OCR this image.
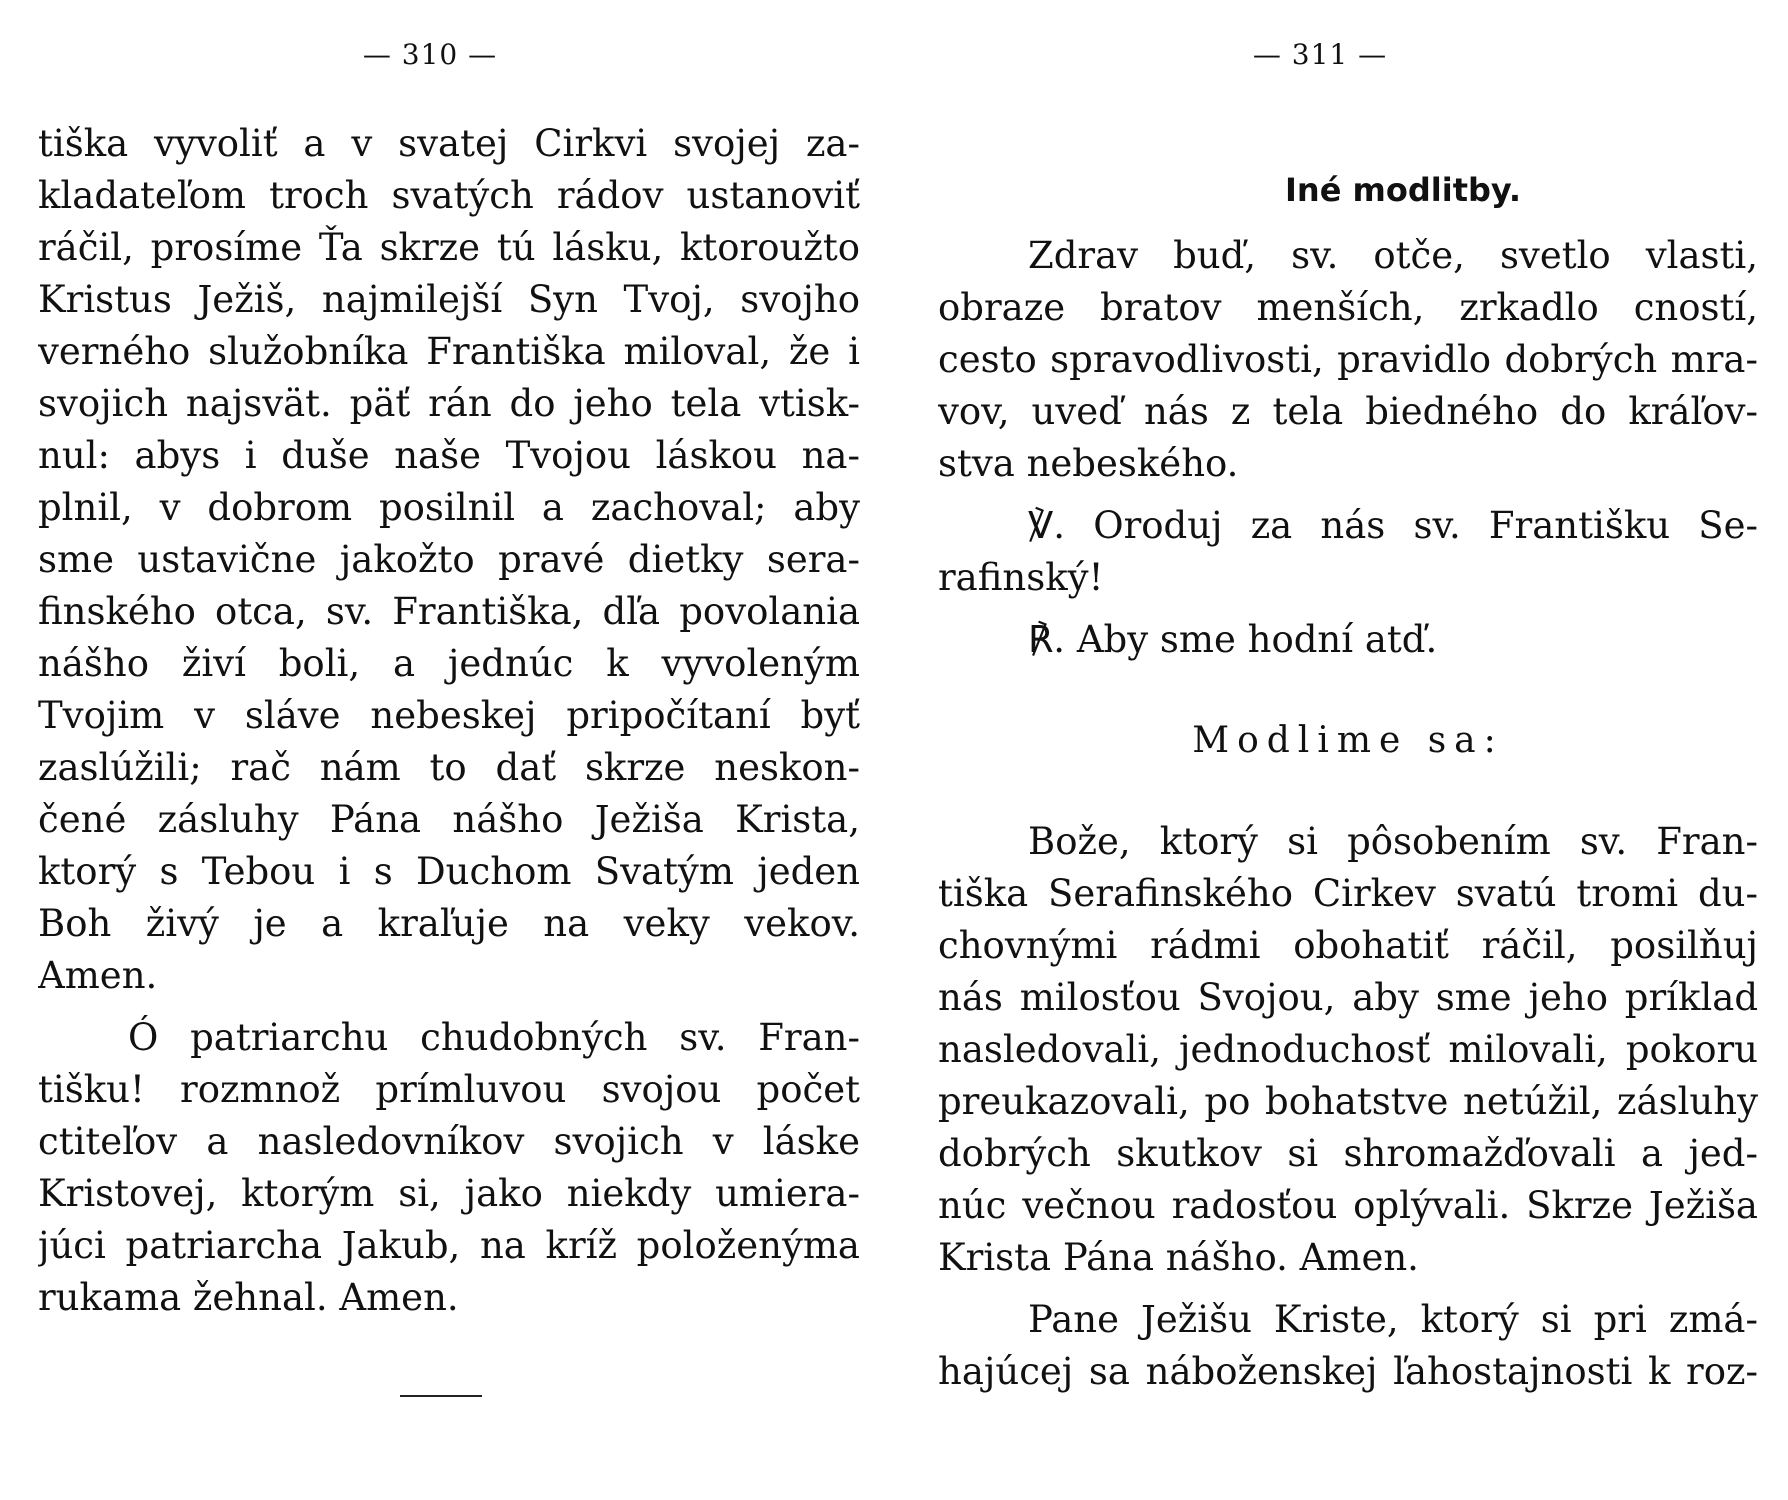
— 310 —
tiška vyvoliť a v svatej Cirkvi svojej za-
kladateľom troch svatých rádov ustanoviť
ráčil, prosíme Ťa skrze tú lásku, ktoroužto
Kristus Ježiš, najmilejší Syn Tvoj, svojho
verného služobníka Františka miloval, že i
svojich najsvät. päť rán do jeho tela vtisk-
nul: abys i duše naše Tvojou láskou na-
plnil, v dobrom posilnil a zachoval; aby
sme ustavične jakožto pravé dietky sera-
finského otca, sv. Františka, dľa povolania
nášho živí boli, a jednúc k vyvoleným
Tvojim v sláve nebeskej pripočítaní byť
zaslúžili; rač nám to dať skrze neskon-
čené zásluhy Pána nášho Ježiša Krista,
ktorý s Tebou i s Duchom Svatým jeden
Boh živý je a kraľuje na veky vekov.
Amen.
Ó patriarchu chudobných sv. Fran-
tišku! rozmnož prímluvou svojou počet
ctiteľov a nasledovníkov svojich v láske
Kristovej, ktorým si, jako niekdy umiera-
júci patriarcha Jakub, na kríž položenýma
rukama žehnal. Amen.
— 311 —
Iné modlitby.
Zdrav buď, sv. otče, svetlo vlasti,
obraze bratov menších, zrkadlo cností,
cesto spravodlivosti, pravidlo dobrých mra-
vov, uveď nás z tela biedného do kráľov-
stva nebeského.
℣. Oroduj za nás sv. Františku Se-
rafinský!
℟. Aby sme hodní atď.
Modlime sa:
Bože, ktorý si pôsobením sv. Fran-
tiška Serafinského Cirkev svatú tromi du-
chovnými rádmi obohatiť ráčil, posilňuj
nás milosťou Svojou, aby sme jeho príklad
nasledovali, jednoduchosť milovali, pokoru
preukazovali, po bohatstve netúžil, zásluhy
dobrých skutkov si shromažďovali a jed-
núc večnou radosťou oplývali. Skrze Ježiša
Krista Pána nášho. Amen.
Pane Ježišu Kriste, ktorý si pri zmá-
hajúcej sa náboženskej ľahostajnosti k roz-
